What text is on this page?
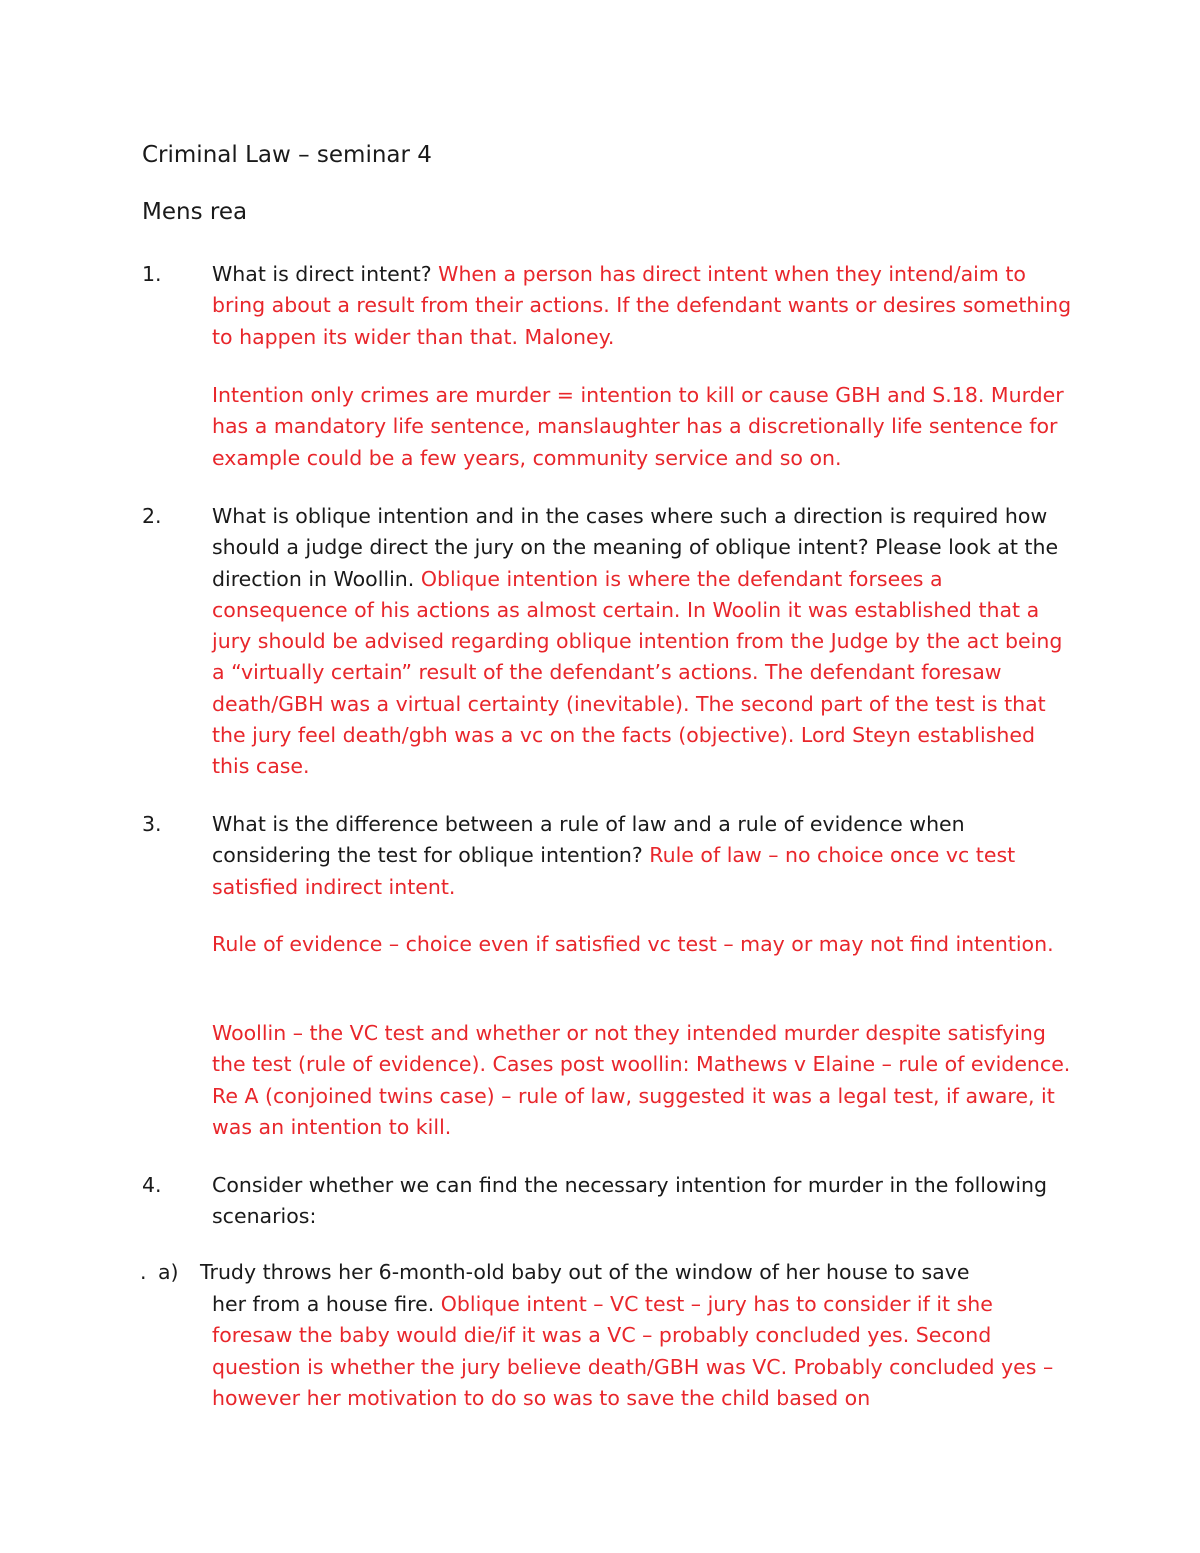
Criminal Law – seminar 4
Mens rea
1. What is direct intent? When a person has direct intent when they intend/aim to bring about a result from their actions. If the defendant wants or desires something to happen its wider than that. Maloney.

Intention only crimes are murder = intention to kill or cause GBH and S.18. Murder has a mandatory life sentence, manslaughter has a discretionally life sentence for example could be a few years, community service and so on.

2. What is oblique intention and in the cases where such a direction is required how should a judge direct the jury on the meaning of oblique intent? Please look at the direction in Woollin. Oblique intention is where the defendant forsees a consequence of his actions as almost certain. In Woolin it was established that a jury should be advised regarding oblique intention from the Judge by the act being a “virtually certain” result of the defendant’s actions. The defendant foresaw death/GBH was a virtual certainty (inevitable). The second part of the test is that the jury feel death/gbh was a vc on the facts (objective). Lord Steyn established this case.

3. What is the difference between a rule of law and a rule of evidence when considering the test for oblique intention? Rule of law – no choice once vc test satisfied indirect intent.

Rule of evidence – choice even if satisfied vc test – may or may not find intention.

Woollin – the VC test and whether or not they intended murder despite satisfying the test (rule of evidence). Cases post woollin: Mathews v Elaine – rule of evidence. Re A (conjoined twins case) – rule of law, suggested it was a legal test, if aware, it was an intention to kill.

4. Consider whether we can find the necessary intention for murder in the following scenarios:

. a) Trudy throws her 6-month-old baby out of the window of her house to save

her from a house fire. Oblique intent – VC test – jury has to consider if it she foresaw the baby would die/if it was a VC – probably concluded yes. Second question is whether the jury believe death/GBH was VC. Probably concluded yes – however her motivation to do so was to save the child based on
